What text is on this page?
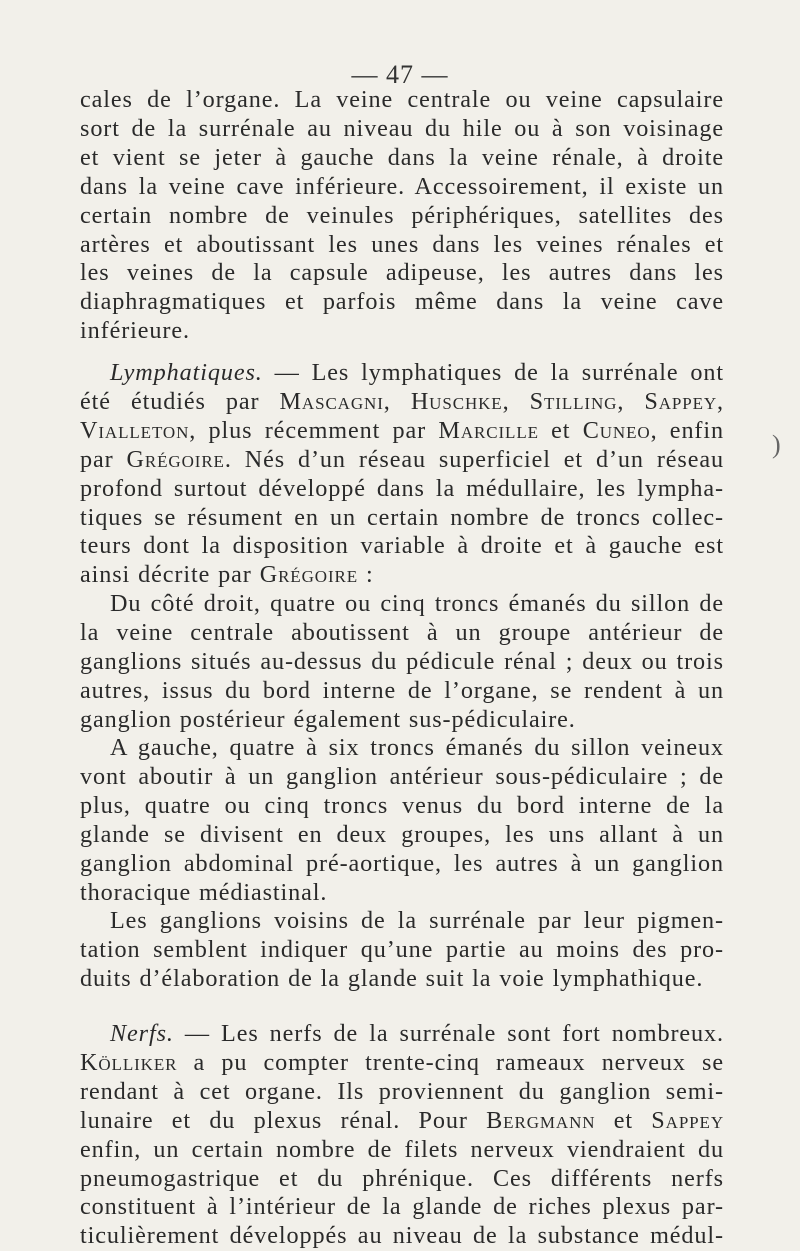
— 47 —
cales de l’organe. La veine centrale ou veine capsulaire
sort de la surrénale au niveau du hile ou à son voisinage
et vient se jeter à gauche dans la veine rénale, à droite
dans la veine cave inférieure. Accessoirement, il existe un
certain nombre de veinules périphériques, satellites des
artères et aboutissant les unes dans les veines rénales et
les veines de la capsule adipeuse, les autres dans les
diaphragmatiques et parfois même dans la veine cave
inférieure.
Lymphatiques. — Les lymphatiques de la surrénale ont
été étudiés par Mascagni, Huschke, Stilling, Sappey,
Vialleton, plus récemment par Marcille et Cuneo, enfin
par Grégoire. Nés d’un réseau superficiel et d’un réseau
profond surtout développé dans la médullaire, les lympha-
tiques se résument en un certain nombre de troncs collec-
teurs dont la disposition variable à droite et à gauche est
ainsi décrite par Grégoire :
Du côté droit, quatre ou cinq troncs émanés du sillon de
la veine centrale aboutissent à un groupe antérieur de
ganglions situés au-dessus du pédicule rénal ; deux ou trois
autres, issus du bord interne de l’organe, se rendent à un
ganglion postérieur également sus-pédiculaire.
A gauche, quatre à six troncs émanés du sillon veineux
vont aboutir à un ganglion antérieur sous-pédiculaire ; de
plus, quatre ou cinq troncs venus du bord interne de la
glande se divisent en deux groupes, les uns allant à un
ganglion abdominal pré-aortique, les autres à un ganglion
thoracique médiastinal.
Les ganglions voisins de la surrénale par leur pigmen-
tation semblent indiquer qu’une partie au moins des pro-
duits d’élaboration de la glande suit la voie lymphathique.
Nerfs. — Les nerfs de la surrénale sont fort nombreux.
Kölliker a pu compter trente-cinq rameaux nerveux se
rendant à cet organe. Ils proviennent du ganglion semi-
lunaire et du plexus rénal. Pour Bergmann et Sappey
enfin, un certain nombre de filets nerveux viendraient du
pneumogastrique et du phrénique. Ces différents nerfs
constituent à l’intérieur de la glande de riches plexus par-
ticulièrement développés au niveau de la substance médul-
)
